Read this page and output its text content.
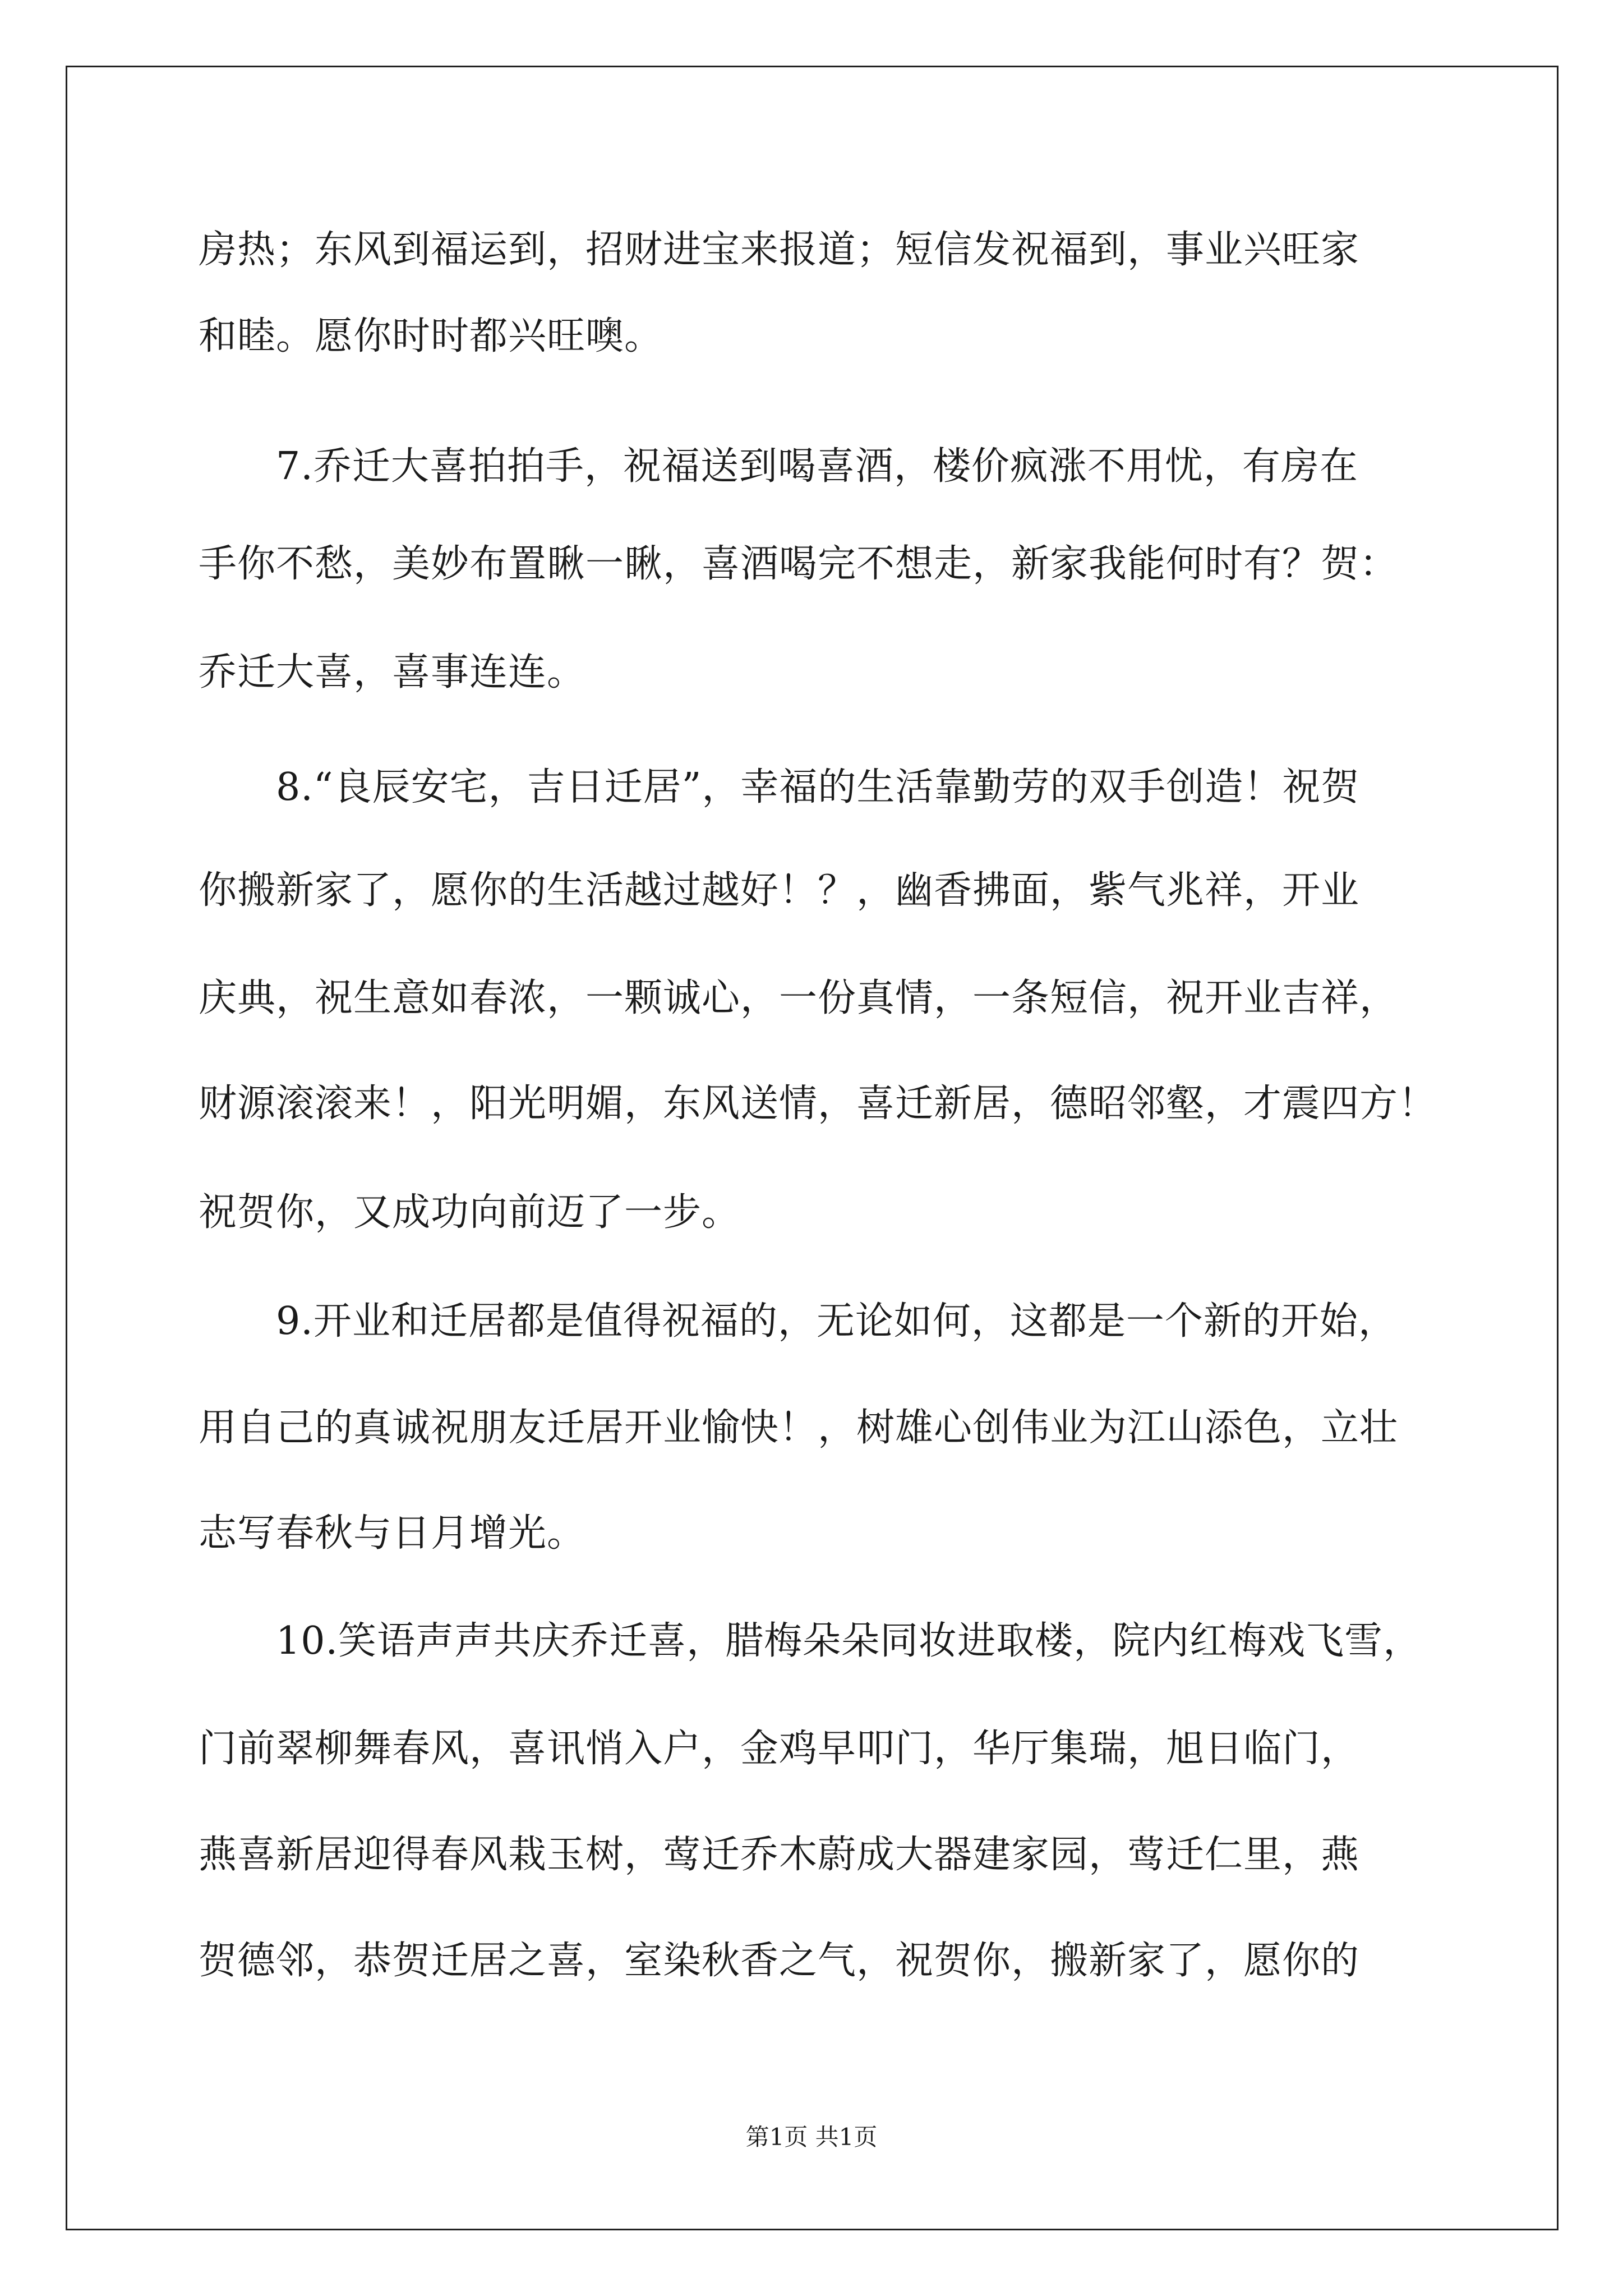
房热；东风到福运到，招财进宝来报道；短信发祝福到，事业兴旺家
和睦。愿你时时都兴旺噢。
7.乔迁大喜拍拍手，祝福送到喝喜酒，楼价疯涨不用忧，有房在
手你不愁，美妙布置瞅一瞅，喜酒喝完不想走，新家我能何时有？贺：
乔迁大喜，喜事连连。
8.“良辰安宅，吉日迁居”，幸福的生活靠勤劳的双手创造！祝贺
你搬新家了，愿你的生活越过越好！？，幽香拂面，紫气兆祥，开业
庆典，祝生意如春浓，一颗诚心，一份真情，一条短信，祝开业吉祥，
财源滚滚来！，阳光明媚，东风送情，喜迁新居，德昭邻壑，才震四方！
祝贺你，又成功向前迈了一步。
9.开业和迁居都是值得祝福的，无论如何，这都是一个新的开始，
用自己的真诚祝朋友迁居开业愉快！，树雄心创伟业为江山添色，立壮
志写春秋与日月增光。
10.笑语声声共庆乔迁喜，腊梅朵朵同妆进取楼，院内红梅戏飞雪，
门前翠柳舞春风，喜讯悄入户，金鸡早叩门，华厅集瑞，旭日临门，
燕喜新居迎得春风栽玉树，莺迁乔木蔚成大器建家园，莺迁仁里，燕
贺德邻，恭贺迁居之喜，室染秋香之气，祝贺你，搬新家了，愿你的
第1页 共1页
